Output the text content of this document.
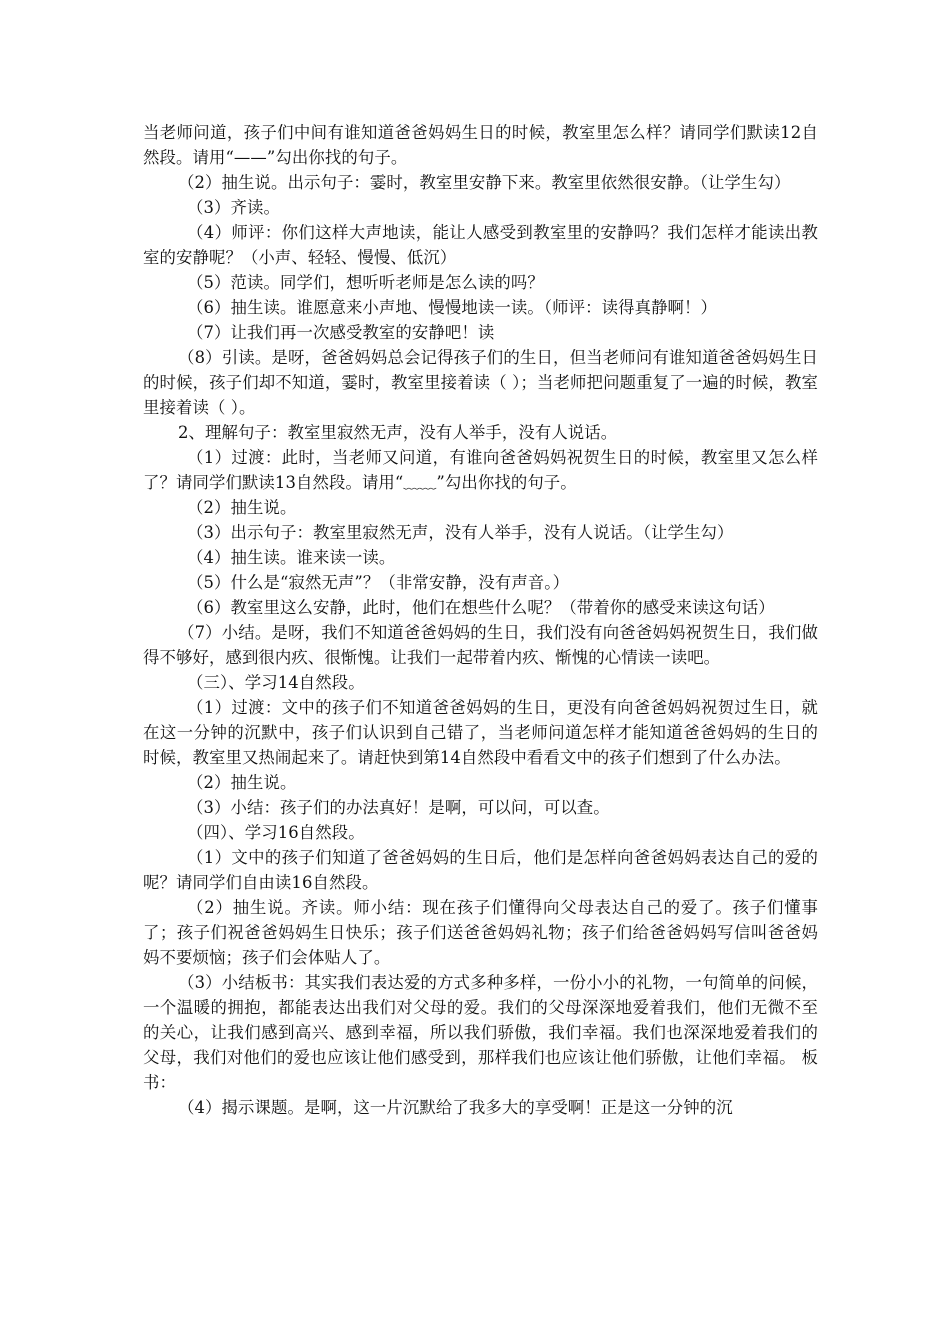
当老师问道，孩子们中间有谁知道爸爸妈妈生日的时候，教室里怎么样？请同学们默读12自然段。请用“——”勾出你找的句子。

（2）抽生说。出示句子：霎时，教室里安静下来。教室里依然很安静。（让学生勾）

（3）齐读。

（4）师评：你们这样大声地读，能让人感受到教室里的安静吗？我们怎样才能读出教室的安静呢？（小声、轻轻、慢慢、低沉）

（5）范读。同学们，想听听老师是怎么读的吗？

（6）抽生读。谁愿意来小声地、慢慢地读一读。（师评：读得真静啊！）

（7）让我们再一次感受教室的安静吧！读

（8）引读。是呀，爸爸妈妈总会记得孩子们的生日，但当老师问有谁知道爸爸妈妈生日的时候，孩子们却不知道，霎时，教室里接着读（ ）；当老师把问题重复了一遍的时候，教室里接着读（ ）。

2、理解句子：教室里寂然无声，没有人举手，没有人说话。

（1）过渡：此时，当老师又问道，有谁向爸爸妈妈祝贺生日的时候，教室里又怎么样了？请同学们默读13自然段。请用“﹏﹏”勾出你找的句子。

（2）抽生说。

（3）出示句子：教室里寂然无声，没有人举手，没有人说话。（让学生勾）

（4）抽生读。谁来读一读。

（5）什么是“寂然无声”？（非常安静，没有声音。）

（6）教室里这么安静，此时，他们在想些什么呢？（带着你的感受来读这句话）

（7）小结。是呀，我们不知道爸爸妈妈的生日，我们没有向爸爸妈妈祝贺生日，我们做得不够好，感到很内疚、很惭愧。让我们一起带着内疚、惭愧的心情读一读吧。

（三）、学习14自然段。

（1）过渡：文中的孩子们不知道爸爸妈妈的生日，更没有向爸爸妈妈祝贺过生日，就在这一分钟的沉默中，孩子们认识到自己错了，当老师问道怎样才能知道爸爸妈妈的生日的时候，教室里又热闹起来了。请赶快到第14自然段中看看文中的孩子们想到了什么办法。

（2）抽生说。

（3）小结：孩子们的办法真好！是啊，可以问，可以查。

（四）、学习16自然段。

（1）文中的孩子们知道了爸爸妈妈的生日后，他们是怎样向爸爸妈妈表达自己的爱的呢？请同学们自由读16自然段。

（2）抽生说。齐读。师小结：现在孩子们懂得向父母表达自己的爱了。孩子们懂事了；孩子们祝爸爸妈妈生日快乐；孩子们送爸爸妈妈礼物；孩子们给爸爸妈妈写信叫爸爸妈妈不要烦恼；孩子们会体贴人了。

（3）小结板书：其实我们表达爱的方式多种多样，一份小小的礼物，一句简单的问候，一个温暖的拥抱，都能表达出我们对父母的爱。我们的父母深深地爱着我们，他们无微不至的关心，让我们感到高兴、感到幸福，所以我们骄傲，我们幸福。我们也深深地爱着我们的父母，我们对他们的爱也应该让他们感受到，那样我们也应该让他们骄傲，让他们幸福。 板书：

（4）揭示课题。是啊，这一片沉默给了我多大的享受啊！正是这一分钟的沉
